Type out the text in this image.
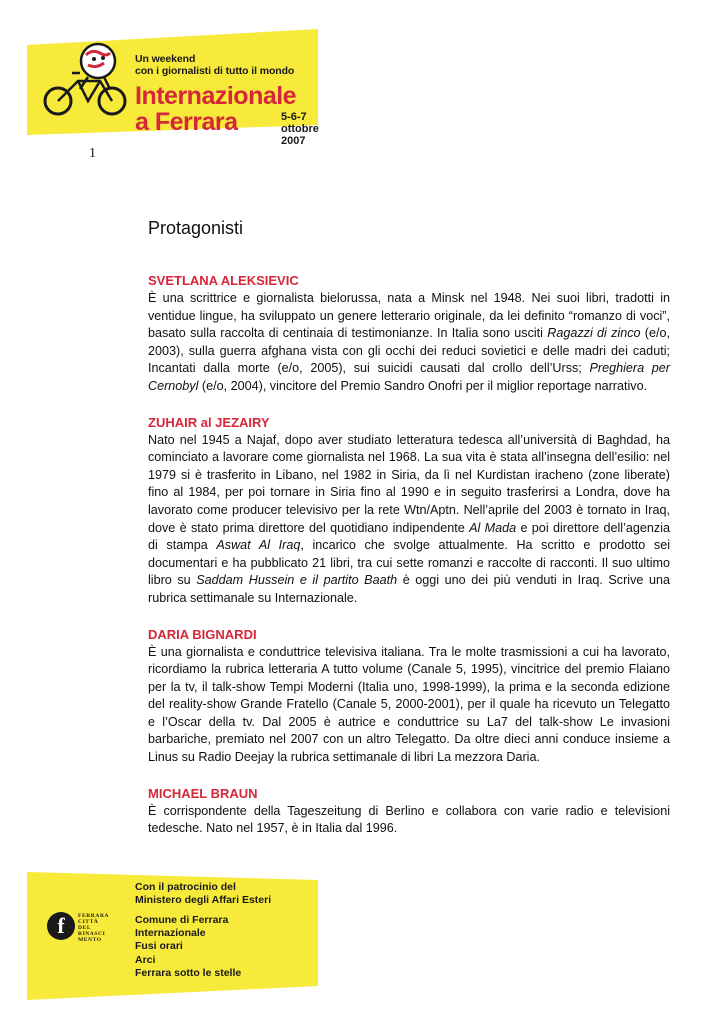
Un weekend
con i giornalisti di tutto il mondo
Internazionale
a Ferrara	5-6-7
ottobre 2007
1
Protagonisti
SVETLANA ALEKSIEVIC
È una scrittrice e giornalista bielorussa, nata a Minsk nel 1948. Nei suoi libri, tradotti in ventidue lingue, ha sviluppato un genere letterario originale, da lei definito “romanzo di voci”, basato sulla raccolta di centinaia di testimonianze. In Italia sono usciti Ragazzi di zinco (e/o, 2003), sulla guerra afghana vista con gli occhi dei reduci sovietici e delle madri dei caduti; Incantati dalla morte (e/o, 2005), sui suicidi causati dal crollo dell’Urss; Preghiera per Cernobyl (e/o, 2004), vincitore del Premio Sandro Onofri per il miglior reportage narrativo.
ZUHAIR al JEZAIRY
Nato nel 1945 a Najaf, dopo aver studiato letteratura tedesca all’università di Baghdad, ha cominciato a lavorare come giornalista nel 1968. La sua vita è stata all’insegna dell’esilio: nel 1979 si è trasferito in Libano, nel 1982 in Siria, da lì nel Kurdistan iracheno (zone liberate) fino al 1984, per poi tornare in Siria fino al 1990 e in seguito trasferirsi a Londra, dove ha lavorato come producer televisivo per la rete Wtn/Aptn. Nell’aprile del 2003 è tornato in Iraq, dove è stato prima direttore del quotidiano indipendente Al Mada e poi direttore dell’agenzia di stampa Aswat Al Iraq, incarico che svolge attualmente. Ha scritto e prodotto sei documentari e ha pubblicato 21 libri, tra cui sette romanzi e raccolte di racconti. Il suo ultimo libro su Saddam Hussein e il partito Baath è oggi uno dei più venduti in Iraq. Scrive una rubrica settimanale su Internazionale.
DARIA BIGNARDI
È una giornalista e conduttrice televisiva italiana. Tra le molte trasmissioni a cui ha lavorato, ricordiamo la rubrica letteraria A tutto volume (Canale 5, 1995), vincitrice del premio Flaiano per la tv, il talk-show Tempi Moderni (Italia uno, 1998-1999), la prima e la seconda edizione del reality-show Grande Fratello (Canale 5, 2000-2001), per il quale ha ricevuto un Telegatto e l’Oscar della tv. Dal 2005 è autrice e conduttrice su La7 del talk-show Le invasioni barbariche, premiato nel 2007 con un altro Telegatto. Da oltre dieci anni conduce insieme a Linus su Radio Deejay la rubrica settimanale di libri La mezzora Daria.
MICHAEL BRAUN
È corrispondente della Tageszeitung di Berlino e collabora con varie radio e televisioni tedesche. Nato nel 1957, è in Italia dal 1996.
Con il patrocinio del
Ministero degli Affari Esteri
f	FERRARA
CITTÀ DEL
RINASCI
MENTO
Comune di Ferrara
Internazionale
Fusi orari
Arci
Ferrara sotto le stelle
